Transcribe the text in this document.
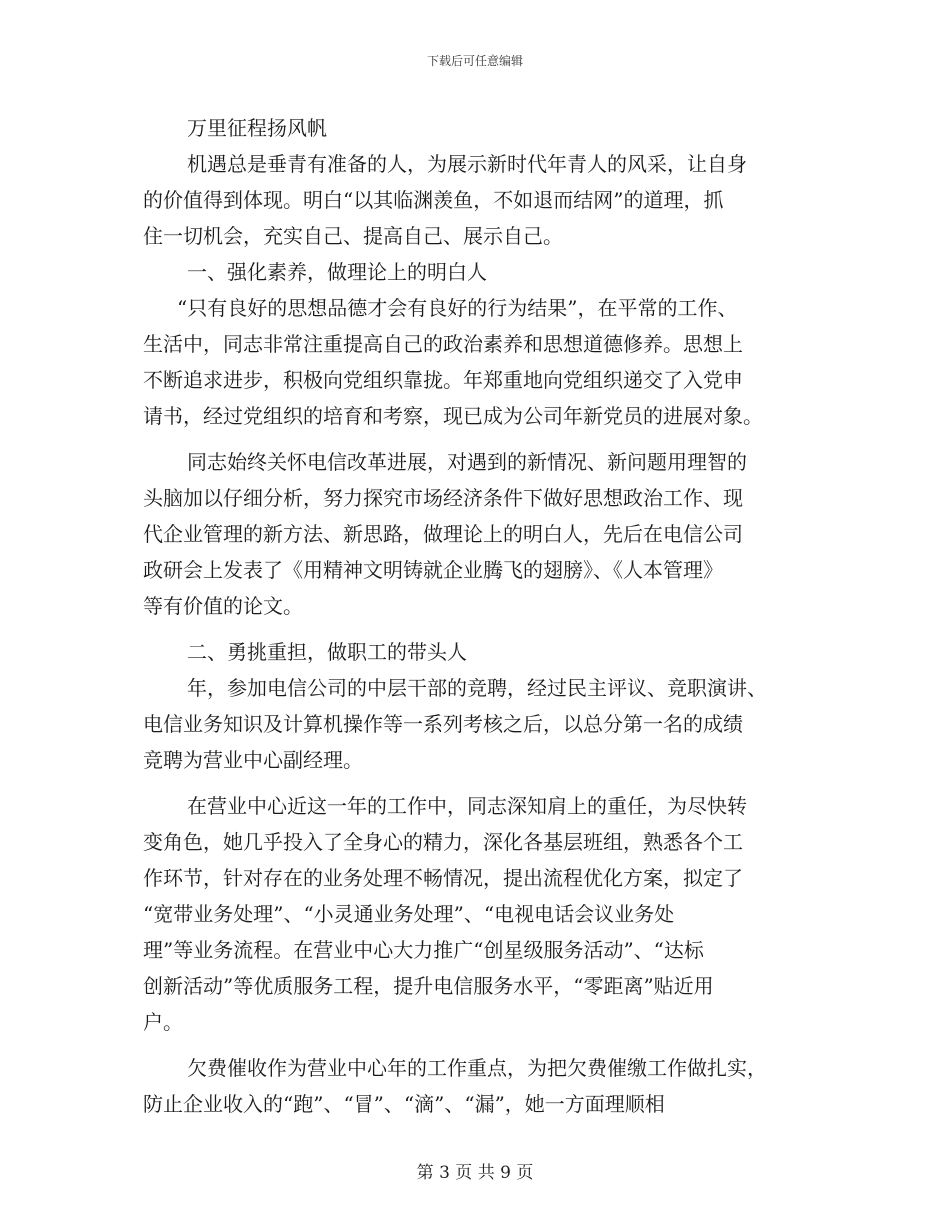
下载后可任意编辑
万里征程扬风帆
机遇总是垂青有准备的人，为展示新时代年青人的风采，让自身
的价值得到体现。明白“以其临渊羡鱼，不如退而结网”的道理，抓
住一切机会，充实自己、提高自己、展示自己。
一、强化素养，做理论上的明白人
“只有良好的思想品德才会有良好的行为结果”，在平常的工作、
生活中，同志非常注重提高自己的政治素养和思想道德修养。思想上
不断追求进步，积极向党组织靠拢。年郑重地向党组织递交了入党申
请书，经过党组织的培育和考察，现已成为公司年新党员的进展对象。
同志始终关怀电信改革进展，对遇到的新情况、新问题用理智的
头脑加以仔细分析，努力探究市场经济条件下做好思想政治工作、现
代企业管理的新方法、新思路，做理论上的明白人，先后在电信公司
政研会上发表了《用精神文明铸就企业腾飞的翅膀》、《人本管理》
等有价值的论文。
二、勇挑重担，做职工的带头人
年，参加电信公司的中层干部的竞聘，经过民主评议、竞职演讲、
电信业务知识及计算机操作等一系列考核之后，以总分第一名的成绩
竞聘为营业中心副经理。
在营业中心近这一年的工作中，同志深知肩上的重任，为尽快转
变角色，她几乎投入了全身心的精力，深化各基层班组，熟悉各个工
作环节，针对存在的业务处理不畅情况，提出流程优化方案，拟定了
“宽带业务处理”、“小灵通业务处理”、“电视电话会议业务处
理”等业务流程。在营业中心大力推广“创星级服务活动”、“达标
创新活动”等优质服务工程，提升电信服务水平，“零距离”贴近用
户。
欠费催收作为营业中心年的工作重点，为把欠费催缴工作做扎实，
防止企业收入的“跑”、“冒”、“滴”、“漏”，她一方面理顺相
第 3 页 共 9 页
